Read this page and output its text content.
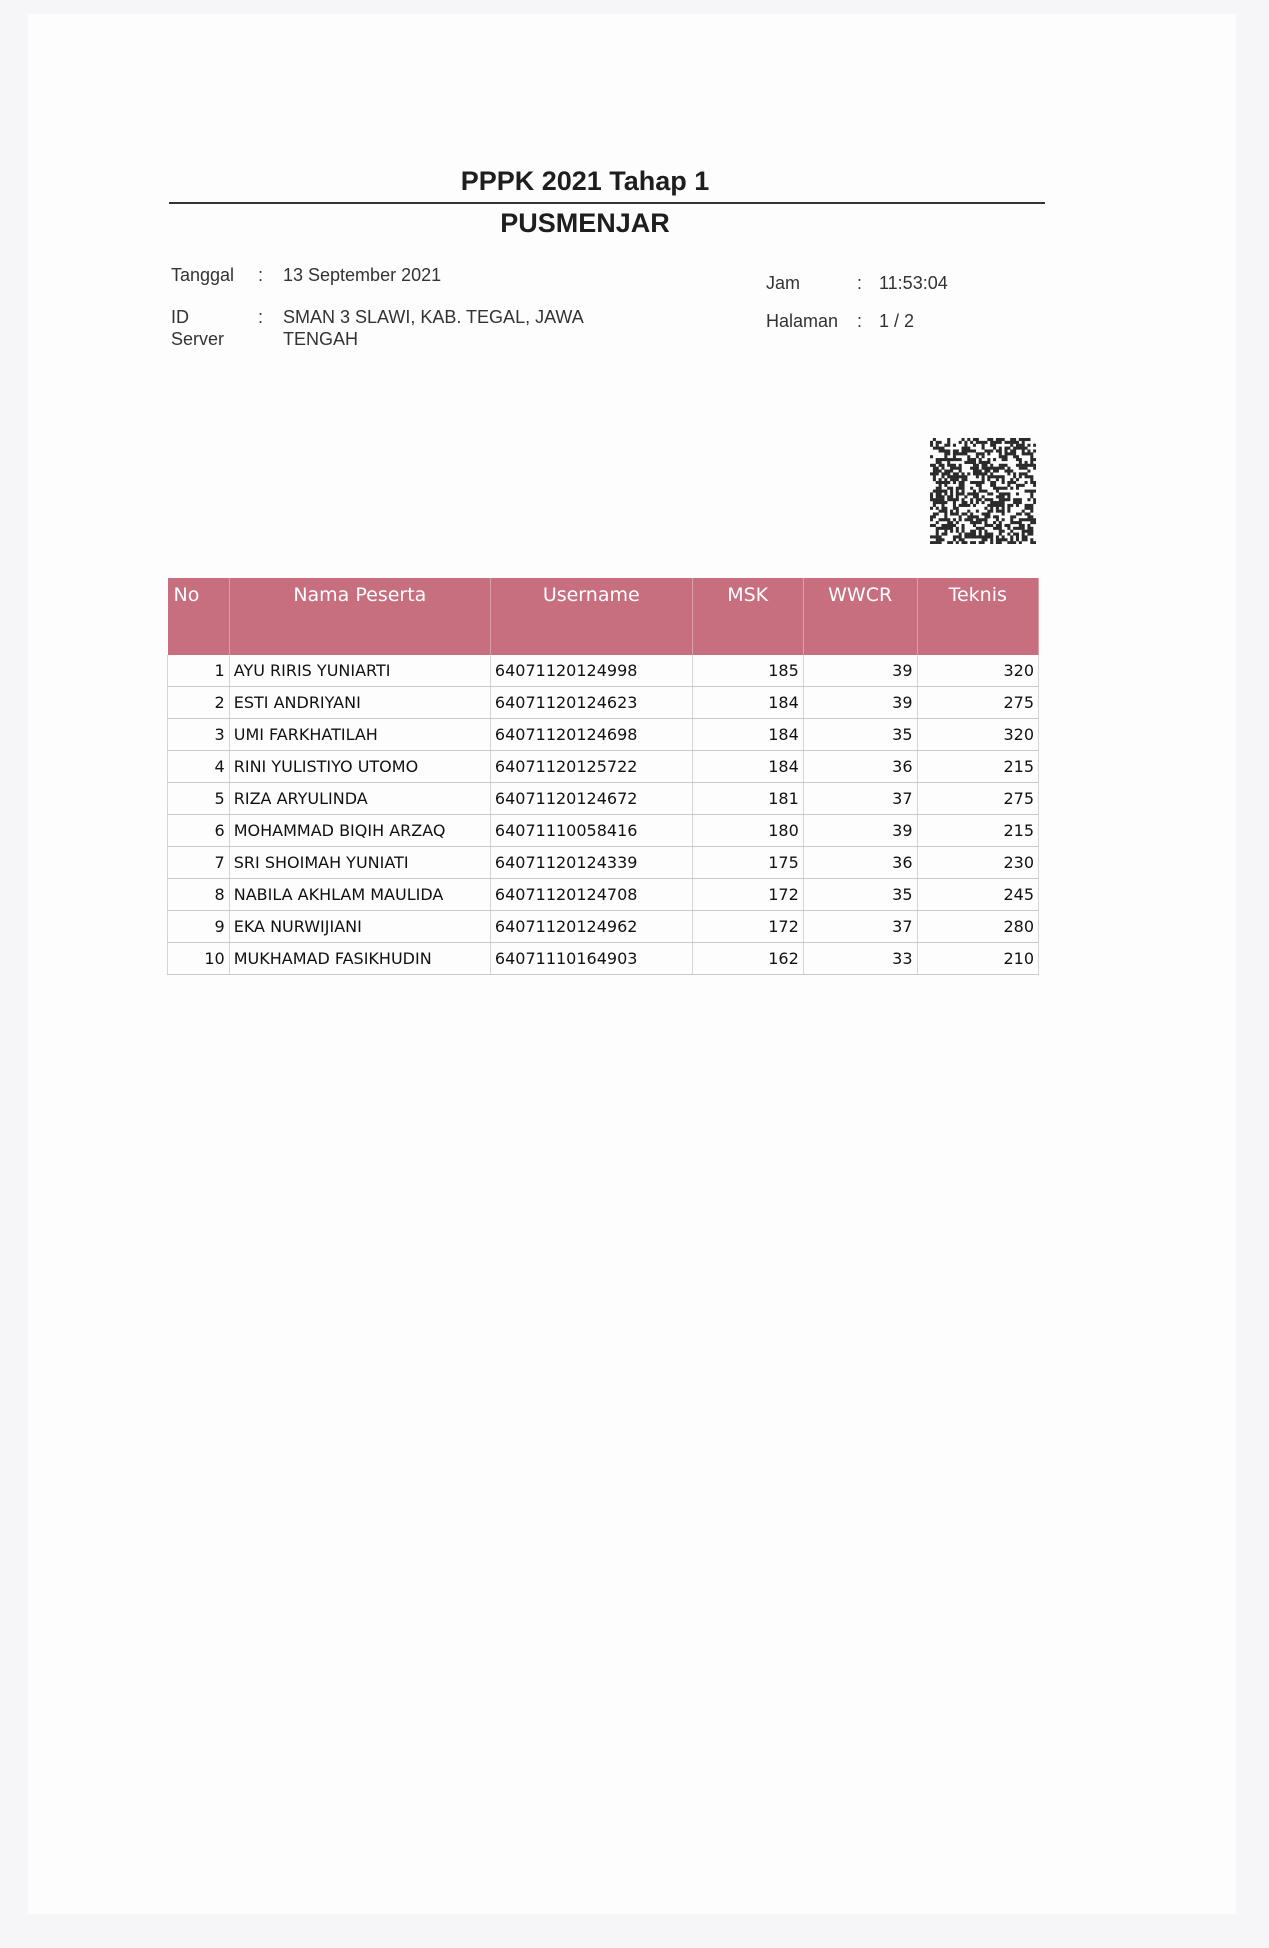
PPPK 2021 Tahap 1
PUSMENJAR
Tanggal : 13 September 2021
ID
Server
: SMAN 3 SLAWI, KAB. TEGAL, JAWA
TENGAH
Jam	: 11:53:04
Halaman : 1 / 2
No	Nama Peserta	Username	MSK	WWCR	Teknis
1	AYU RIRIS YUNIARTI	64071120124998	185	39	320
2	ESTI ANDRIYANI	64071120124623	184	39	275
3	UMI FARKHATILAH	64071120124698	184	35	320
4	RINI YULISTIYO UTOMO	64071120125722	184	36	215
5	RIZA ARYULINDA	64071120124672	181	37	275
6	MOHAMMAD BIQIH ARZAQ	64071110058416	180	39	215
7	SRI SHOIMAH YUNIATI	64071120124339	175	36	230
8	NABILA AKHLAM MAULIDA	64071120124708	172	35	245
9	EKA NURWIJIANI	64071120124962	172	37	280
10	MUKHAMAD FASIKHUDIN	64071110164903	162	33	210
